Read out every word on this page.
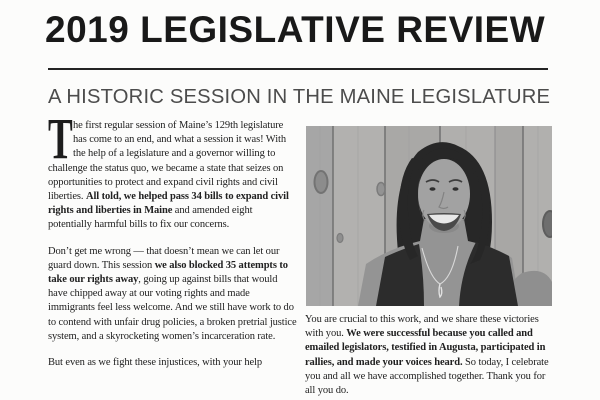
2019 LEGISLATIVE REVIEW
A HISTORIC SESSION IN THE MAINE LEGISLATURE

The first regular session of Maine’s 129th legislature has come to an end, and what a session it was! With the help of a legislature and a governor willing to challenge the status quo, we became a state that seizes on opportunities to protect and expand civil rights and civil liberties. All told, we helped pass 34 bills to expand civil rights and liberties in Maine and amended eight potentially harmful bills to fix our concerns.

Don’t get me wrong — that doesn’t mean we can let our guard down. This session we also blocked 35 attempts to take our rights away, going up against bills that would have chipped away at our voting rights and made immigrants feel less welcome. And we still have work to do to contend with unfair drug policies, a broken pretrial justice system, and a skyrocketing women’s incarceration rate.

But even as we fight these injustices, with your help

You are crucial to this work, and we share these victories with you. We were successful because you called and emailed legislators, testified in Augusta, participated in rallies, and made your voices heard. So today, I celebrate you and all we have accomplished together. Thank you for all you do.
